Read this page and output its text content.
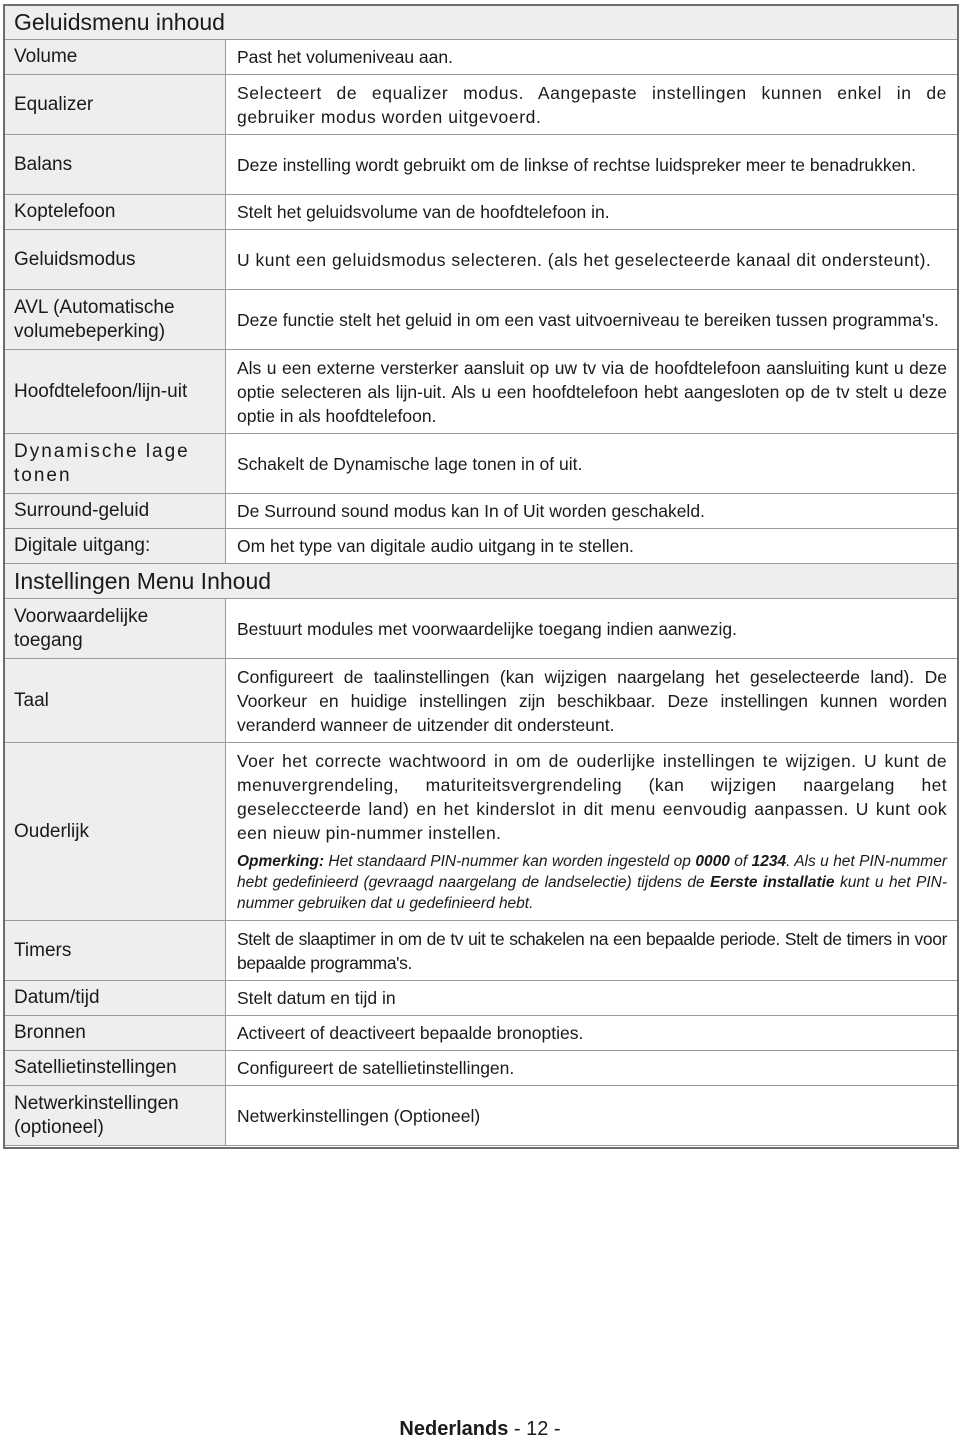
Geluidsmenu inhoud	
Volume	Past het volumeniveau aan.
Equalizer	Selecteert de equalizer modus. Aangepaste instellingen kunnen enkel in de gebruiker modus worden uitgevoerd.
Balans	Deze instelling wordt gebruikt om de linkse of rechtse luidspreker meer te benadrukken.
Koptelefoon	Stelt het geluidsvolume van de hoofdtelefoon in.
Geluidsmodus	U kunt een geluidsmodus selecteren. (als het geselecteerde kanaal dit ondersteunt).
AVL (Automatische volumebeperking)	Deze functie stelt het geluid in om een vast uitvoerniveau te bereiken tussen programma's.
Hoofdtelefoon/lijn-uit	Als u een externe versterker aansluit op uw tv via de hoofdtelefoon aansluiting kunt u deze optie selecteren als lijn-uit. Als u een hoofdtelefoon hebt aangesloten op de tv stelt u deze optie in als hoofdtelefoon.
Dynamische lage tonen	Schakelt de Dynamische lage tonen in of uit.
Surround-geluid	De Surround sound modus kan In of Uit worden geschakeld.
Digitale uitgang:	Om het type van digitale audio uitgang in te stellen.
Instellingen Menu Inhoud	
Voorwaardelijke toegang	Bestuurt modules met voorwaardelijke toegang indien aanwezig.
Taal	Configureert de taalinstellingen (kan wijzigen naargelang het geselecteerde land). De Voorkeur en huidige instellingen zijn beschikbaar. Deze instellingen kunnen worden veranderd wanneer de uitzender dit ondersteunt.
Ouderlijk	Voer het correcte wachtwoord in om de ouderlijke instellingen te wijzigen. U kunt de menuvergrendeling, maturiteitsvergrendeling (kan wijzigen naargelang het geseleccteerde land) en het kinderslot in dit menu eenvoudig aanpassen. U kunt ook een nieuw pin-nummer instellen.
Opmerking: Het standaard PIN-nummer kan worden ingesteld op 0000 of 1234. Als u het PIN-nummer hebt gedefinieerd (gevraagd naargelang de landselectie) tijdens de Eerste installatie kunt u het PIN-nummer gebruiken dat u gedefinieerd hebt.

Timers	Stelt de slaaptimer in om de tv uit te schakelen na een bepaalde periode. Stelt de timers in voor bepaalde programma's.
Datum/tijd	Stelt datum en tijd in
Bronnen	Activeert of deactiveert bepaalde bronopties.
Satellietinstellingen	Configureert de satellietinstellingen.
Netwerkinstellingen (optioneel)	Netwerkinstellingen (Optioneel)
Nederlands - 12 -
